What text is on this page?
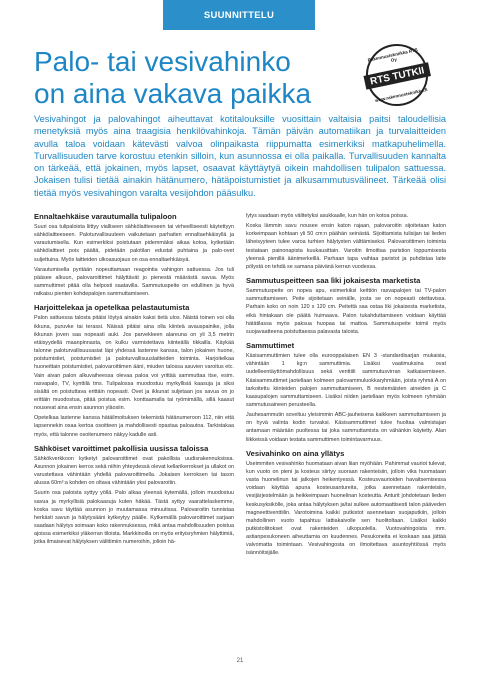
SUUNNITTELU
Palo- tai vesivahinko
on aina vakava paikka
Rakennustekniikka RTS Oy
RTS TUTKII
www.rakennusteknikka.fi
Vesivahingot ja palovahingot aiheuttavat kotitalouksille vuosittain valtaisia paitsi taloudellisia menetyksiä myös aina traagisia henkilövahinkoja. Tämän päivän automatiikan ja turvalaitteiden avulla taloa voidaan kätevästi valvoa olinpaikasta riippumatta esimerkiksi matkapuhelimella. Turvallisuuden tarve korostuu etenkin silloin, kun asunnossa ei olla paikalla. Turvallisuuden kannalta on tärkeää, että jokainen, myös lapset, osaavat käyttäytyä oikein mahdollisen tulipalon sattuessa. Jokaisen tulisi tietää ainakin hätänumero, hätäpoistumistiet ja alkusammutusvälineet. Tärkeää olisi tietää myös vesivahingon varalta vesijohdon pääsulku.
Ennaltaehkäise varautumalla tulipaloon

Suuri osa tulipaloista liittyy vialliseen sähkölaitteeseen tai virheelliseesti käytettyyn sähkölaitteeseen. Paloturvallisuuteen vaikutetaan parhaiten ennaltaehkäisyllä ja varautumisella. Kun esimerkiksi poistutaan pidemmäksi aikaa kotoa, kytketään sähkölaitteet pois päältä, pidetään palotilan edustat puhtaina ja palo-ovet suljettuina. Myös laitteiden ulkoasuojaus on osa ennaltaehkäisyä.

Varautumisella pyritään nopeuttamaan reagointia vahingon sattuessa. Jos tuli pääsee alkuun, palovaroittimet hälyttävät jo pienestä määrästä savua. Myös sammuttimet pitää olla helposti saatavilla. Sammutuspeite on edullinen ja hyvä ratkaisu pienten kohdepalojen sammuttamiseen.

Harjoittelekaa ja opetelkaa pelastautumista

Palon sattuessa talosta pitäisi löytyä ainakin kaksi tietä ulos. Näistä toinen voi olla ikkuna, puruvke tai terassi. Näissä pitäisi aina olla kiinteä avauspainike, jolla ikkunan joven saa nopeasti auki. Jos parvekkeen alareuna on yli 3,5 metrin etäisyydellä maanpinnasta, on kulku varmistettava kiinteällä tikkailla. Käykää talonne paloturvallisuusasiat läpi yhdessä lastenne kanssa, talon jokainen huone, poistumistiet, poistumistiet ja paloturvallisuuslaitteiden toiminta. Harjoitelkaa huoneittain poistumistiet, palovaroittimen ääni, miuden talossa asuvien varoitus etc. Vain aivan palon alkuvaiheessa olevaa paloa voi yrittää sammuttaa itse, esim. rasvapalo, TV, kynttilä tms. Tulipalossa muodostuu myrkyllisiä kaasuja ja siksi sisältä on poistuttava erittäin nopeasti. Ovet ja ikkunat suljetaan jos savua on jo erittäin muodostua, pitää poistua esim. konttaamalla tai ryömimällä, sillä kaasut nousevat aina ensin asunnon yläosiin.

Opetelkaa lastenne kanssa hätäilmoituksen tekemistä hätänumeroon 112, niin että lapsennekin osaa kertoa osoitteen ja mahdollisesti opastaa paloautoa. Tarkistakaa myös, että talonne osoitenumero näkyy kadulle asti.

Sähköiset varoittimet pakollisia uusissa taloissa

Sähkökverkkoon kytketyt palovaroittimet ovat pakollisia uudisrakennuksissa. Asunnon jokainen kerros sekä niihin yhteydessä olevat kellarikerrokset ja ullakot on varustettava vähintään yhdellä palovaroittimella. Jokaisen kerroksen tai tason alussa 60m²:a kohden on oltava vähintään yksi palovaroitin.

Suurin osa paloista syttyy yöllä. Palo alkaa yleensä kytemällä, jolloin muodostuu savua ja myrkyllisiä palokaasuja kuten häkää. Tästä syttyy vaarattelaskemme, koska savu täyttää asunnon jo muutamassa minuutissa. Palovaroitin tunnistaa herkästi savun ja hälytysääni kytkeytyy päälle. Kytkemällä palovaroittimet sarjaan saadaan hälytys soimaan koko rakennuksessa, mikä antaa mahdollisuuden poistua ajoissa esimerkiksi yläkerran tiloista. Markkinoilla on myös erityisryhmien hälyttimiä, jotka ilmaisevat hälytyksen välittimiin numeroihin, jolloin hä-

lytys saadaan myös välitetyksi asukkaalle, kun hän on kotoa poissa.

Koska lämmin savu nousee ensin katon rajaan, palovaroitin sijoitetaan katon korkeimpaan kohtaan yli 50 cm:n päähän seinästä. Sijoittamista tulisijan tai lieden läheisyyteen tulee varoa turhien hälytysten välttämiseksi. Palovaroittimen toiminta testataan painonapista kuukausittain. Varoitin ilmoittaa paristion loppumisesta yleensä pienillä äänimerkeillä. Parhaan tapa vaihtaa paristot ja puhdistaa laite pölystä on tehdä se samana päivänä kerran vuodessa.

Sammutuspeitteen saa lìki jokaisesta marketista

Sammutuspeite on nopea apu, esimerkiksi keittiön rasvapalojen tai TV-palon sammuttamiseen. Peite sijoitetaan seinälle, josta se on nopeasti otettavissa. Parhain koko on noin 120 x 120 cm. Peitettä saa ostaa liki jokaisesta marketista, eikä hintakaan ole päätä huimaava. Palon tukahduttamiseen voidaan käyttää hätätilassa myös paksua huopaa tai mattoa. Sammutuspeite toimii myös suojavaatteena poistuttaessa palavasta talosta.

Sammuttimet

Käsisammuttimien tulee olla eurooppalaisen EN 3 -standardisarjan mukaisia, vähintään 1 kg:n sammuttimia. Lisäksi vaatimuksina ovat uudelleentäyttömahdollisuus sekä venttiili sammutusvirran katkaisemiseen. Käsisammuttimet jaotellaan kolmeen palovammuluokkaryhmään, joista ryhmä A on tarkoitettu kiinteiden palojen sammuttamiseen, B nestemäisten aineiden ja C kaasupalojen sammuttamiseen. Lisäksi niiden jaetellaan myös kolmeen ryhmään sammutusaineen perusteella.

Jauhesammutin soveltuu yleisimmin ABC-jauheisena kaikkeen sammuttamiseen ja on hyvä valinta kodin turvaksi. Käsisammuttimet tulee huoltaa valmistajan antamaan määrään puoltessa tai joka sammuttamista on vähänkin käytetty. Alan liikkeissä voidaan testata sammuttimen toimintavarmuus.

Vesivahinko on aina yllätys

Useimmiten vesivahinko huomataan aivan liian myöhään. Pahimmat vauriot tulevat, kun vuoto on pieni ja kosteus siirtyy suoraan rakenteisiin, jolloin vika huomataan vasta huonelinun tai jatkojen heikentyessä. Kosteusvaurioiden havaitsemisessa voidaan käyttää apuna kosteusantureita, jotka asennetaan rakenteisiin, vesijärjestelmään ja heikkeimpaan huonelinan kosteutta. Anturit johdotetaan lieden keskusyksikölle, joka antaa hälytyksen ja/tai sulkee automaattisesti talon pääveden magneettiventtiilin. Varotoimina kaikki putkistot asennetaan suojaputkiin, jolloin mahdollinen vuoto tapahtuu lattiakaivolle sen huolitoltaan. Lisäksi kaikki putkistoliitokset ovat rakenteiden ulkopuolella. Vuotovahingoista mm. astianpesukoneen aiheuttamia on kuudennes. Pesukoneita ei koskaan saa jättää valvomatta toimintaan. Vesivahingosta on ilmoitettava asuntoyhtiössä myös isännöitsijälle.

21
